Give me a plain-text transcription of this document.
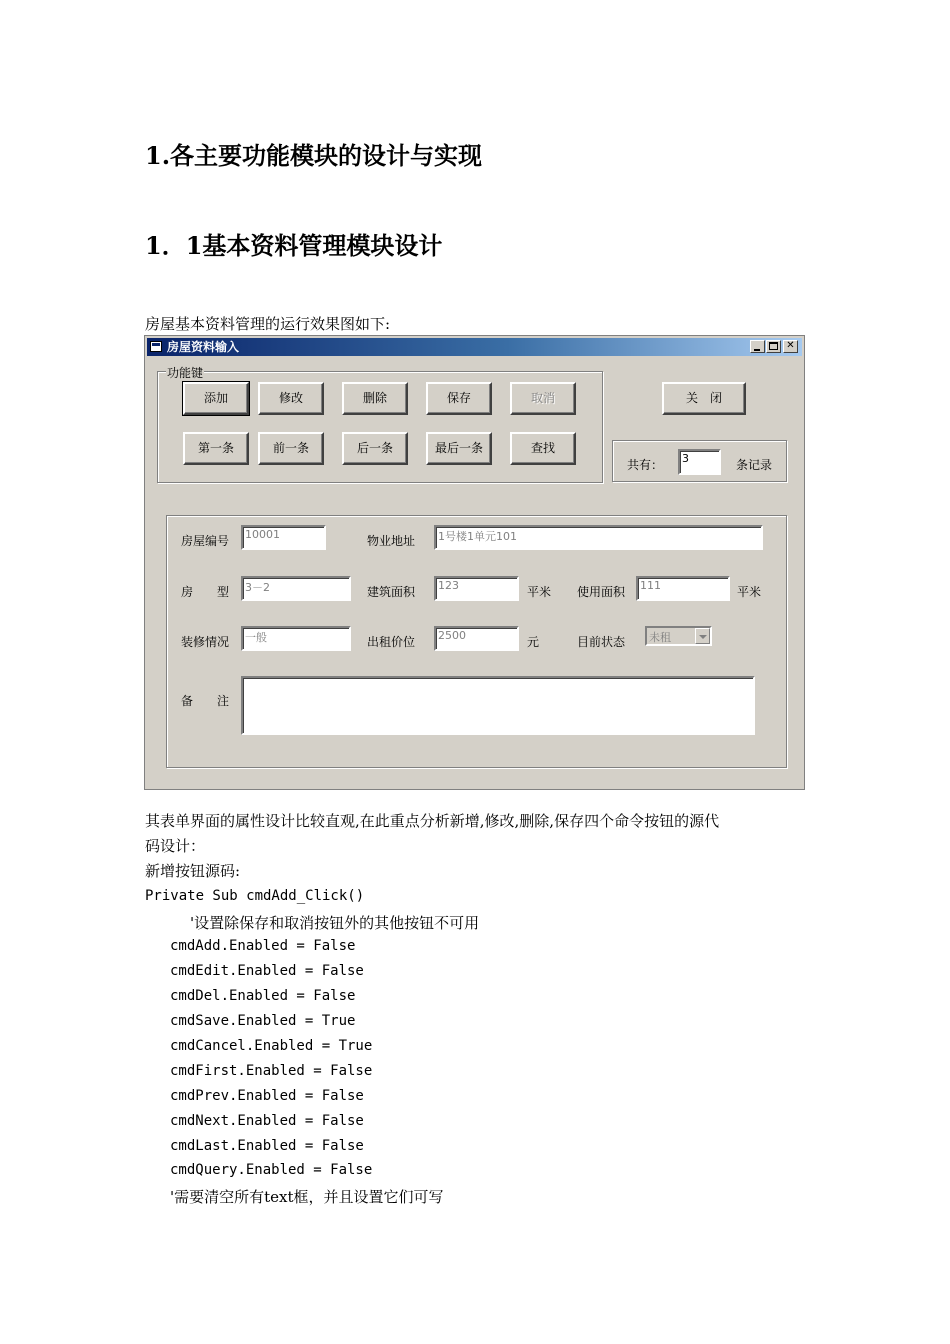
1.各主要功能模块的设计与实现
1．1基本资料管理模块设计
房屋基本资料管理的运行效果图如下:
房屋资料输入	✕
功能键
添加	修改	删除	保存	取消
第一条	前一条	后一条	最后一条	查找
关　闭
共有：	3	条记录
房屋编号	10001	物业地址	1号楼1单元101
房　　型	3－2	建筑面积	123	平米 使用面积	111	平米
装修情况	一般	出租价位	2500	元	目前状态	未租
备　　注
其表单界面的属性设计比较直观,在此重点分析新增,修改,删除,保存四个命令按钮的源代
码设计：
新增按钮源码:
Private Sub cmdAdd_Click()
'设置除保存和取消按钮外的其他按钮不可用
cmdAdd.Enabled = False
cmdEdit.Enabled = False
cmdDel.Enabled = False
cmdSave.Enabled = True
cmdCancel.Enabled = True
cmdFirst.Enabled = False
cmdPrev.Enabled = False
cmdNext.Enabled = False
cmdLast.Enabled = False
cmdQuery.Enabled = False
'需要清空所有text框，并且设置它们可写
